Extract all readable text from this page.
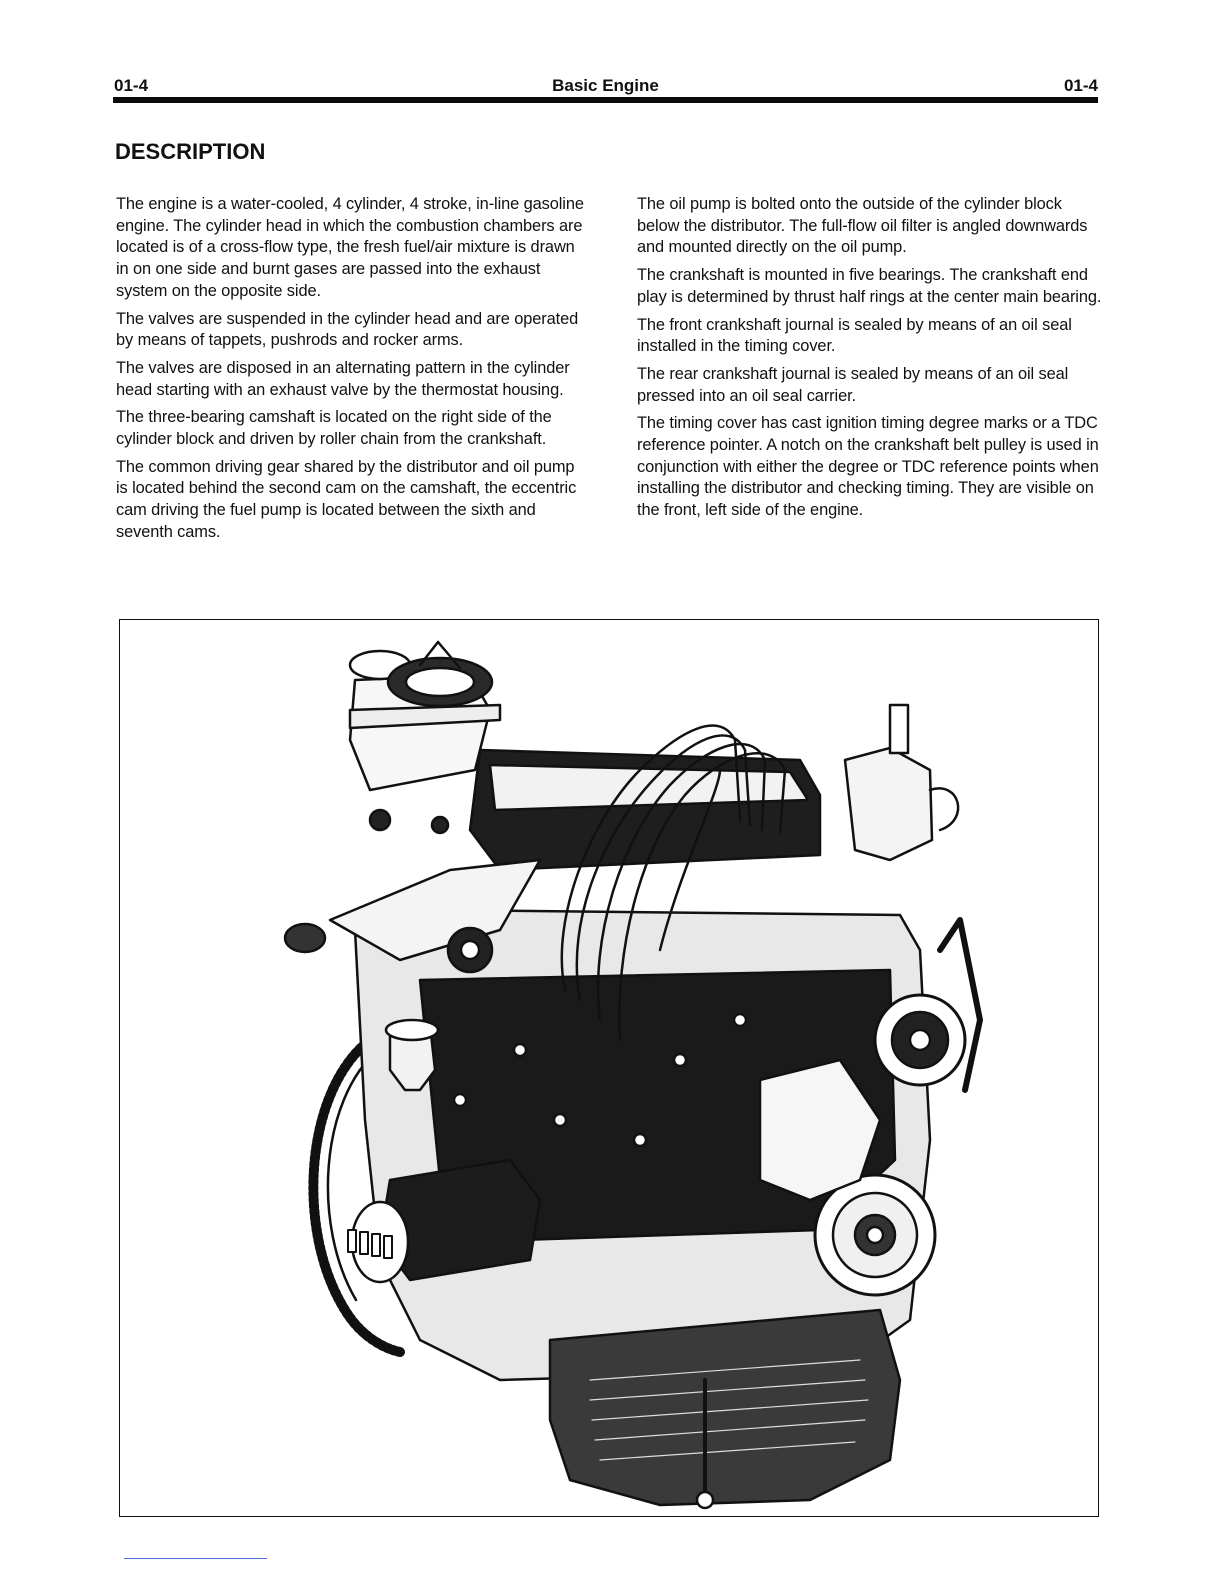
01-4	Basic Engine	01-4
DESCRIPTION

The engine is a water-cooled, 4 cylinder, 4 stroke, in-line gasoline engine. The cylinder head in which the combustion chambers are located is of a cross-flow type, the fresh fuel/air mixture is drawn in on one side and burnt gases are passed into the exhaust system on the opposite side.

The valves are suspended in the cylinder head and are operated by means of tappets, pushrods and rocker arms.

The valves are disposed in an alternating pattern in the cylinder head starting with an exhaust valve by the thermostat housing.

The three-bearing camshaft is located on the right side of the cylinder block and driven by roller chain from the crankshaft.

The common driving gear shared by the distributor and oil pump is located behind the second cam on the camshaft, the eccentric cam driving the fuel pump is located between the sixth and seventh cams.

The oil pump is bolted onto the outside of the cylinder block below the distributor. The full-flow oil filter is angled downwards and mounted directly on the oil pump.

The crankshaft is mounted in five bearings. The crankshaft end play is determined by thrust half rings at the center main bearing.

The front crankshaft journal is sealed by means of an oil seal installed in the timing cover.

The rear crankshaft journal is sealed by means of an oil seal pressed into an oil seal carrier.

The timing cover has cast ignition timing degree marks or a TDC reference pointer. A notch on the crankshaft belt pulley is used in conjunction with either the degree or TDC reference points when installing the distributor and checking timing. They are visible on the front, left side of the engine.
